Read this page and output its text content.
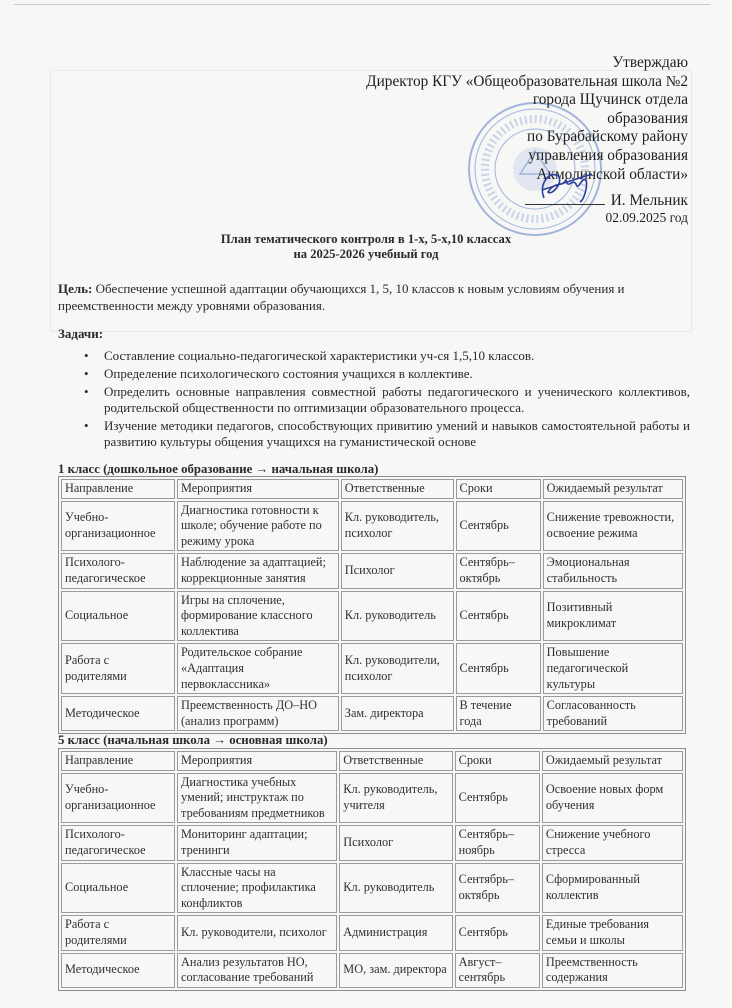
Утверждаю
Директор КГУ «Общеобразовательная школа №2
города Щучинск отдела
образования
по Бурабайскому району
управления образования
Акмолинской области»
И. Мельник
02.09.2025 год
План тематического контроля в 1-х, 5-х,10 классах
на 2025-2026 учебный год
Цель: Обеспечение успешной адаптации обучающихся 1, 5, 10 классов к новым условиям обучения и преемственности между уровнями образования.
Задачи:
• Составление социально-педагогической характеристики уч-ся 1,5,10 классов.
• Определение психологического состояния учащихся в коллективе.
• Определить основные направления совместной работы педагогического и ученического коллективов, родительской общественности по оптимизации образовательного процесса.
• Изучение методики педагогов, способствующих привитию умений и навыков самостоятельной работы и развитию культуры общения учащихся на гуманистической основе
1 класс (дошкольное образование → начальная школа)
Направление	Мероприятия	Ответственные	Сроки	Ожидаемый результат
Учебно-организационное	Диагностика готовности к школе; обучение работе по режиму урока	Кл. руководитель, психолог	Сентябрь	Снижение тревожности, освоение режима
Психолого-педагогическое	Наблюдение за адаптацией; коррекционные занятия	Психолог	Сентябрь–октябрь	Эмоциональная стабильность
Социальное	Игры на сплочение, формирование классного коллектива	Кл. руководитель	Сентябрь	Позитивный микроклимат
Работа с родителями	Родительское собрание «Адаптация первоклассника»	Кл. руководители, психолог	Сентябрь	Повышение педагогической культуры
Методическое	Преемственность ДО–НО (анализ программ)	Зам. директора	В течение года	Согласованность требований
5 класс (начальная школа → основная школа)
Направление	Мероприятия	Ответственные	Сроки	Ожидаемый результат
Учебно-организационное	Диагностика учебных умений; инструктаж по требованиям предметников	Кл. руководитель, учителя	Сентябрь	Освоение новых форм обучения
Психолого-педагогическое	Мониторинг адаптации; тренинги	Психолог	Сентябрь–ноябрь	Снижение учебного стресса
Социальное	Классные часы на сплочение; профилактика конфликтов	Кл. руководитель	Сентябрь–октябрь	Сформированный коллектив
Работа с родителями	Кл. руководители, психолог	Администрация	Сентябрь	Единые требования семьи и школы
Методическое	Анализ результатов НО, согласование требований	МО, зам. директора	Август–сентябрь	Преемственность содержания
